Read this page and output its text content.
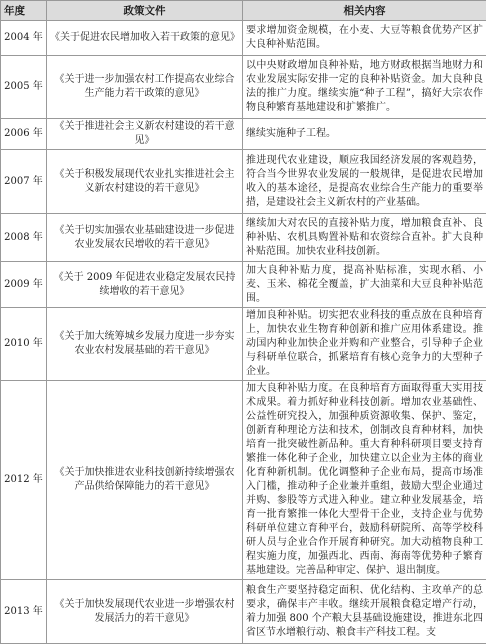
年度	政策文件	相关内容
2004 年	《关于促进农民增加收入若干政策的意见》	要求增加资金规模，在小麦、大豆等粮食优势产区扩大良种补贴范围。
2005 年	《关于进一步加强农村工作提高农业综合生产能力若干政策的意见》	以中央财政增加良种补贴，地方财政根据当地财力和农业发展实际安排一定的良种补贴资金。加大良种良法的推广力度。继续实施“种子工程”，搞好大宗农作物良种繁育基地建设和扩繁推广。
2006 年	《关于推进社会主义新农村建设的若干意见》	继续实施种子工程。
2007 年	《关于积极发展现代农业扎实推进社会主义新农村建设的若干意见》	推进现代农业建设，顺应我国经济发展的客观趋势，符合当今世界农业发展的一般规律，是促进农民增加收入的基本途径，是提高农业综合生产能力的重要举措，是建设社会主义新农村的产业基础。
2008 年	《关于切实加强农业基础建设进一步促进农业发展农民增收的若干意见》	继续加大对农民的直接补贴力度，增加粮食直补、良种补贴、农机具购置补贴和农资综合直补。扩大良种补贴范围。加快农业科技创新。
2009 年	《关于 2009 年促进农业稳定发展农民持续增收的若干意见》	加大良种补贴力度，提高补贴标准，实现水稻、小麦、玉米、棉花全覆盖，扩大油菜和大豆良种补贴范围。
2010 年	《关于加大统筹城乡发展力度进一步夯实农业农村发展基础的若干意见》	增加良种补贴。切实把农业科技的重点放在良种培育上，加快农业生物育种创新和推广应用体系建设。推动国内种业加快企业并购和产业整合，引导种子企业与科研单位联合，抓紧培育有核心竞争力的大型种子企业。
2012 年	《关于加快推进农业科技创新持续增强农产品供给保障能力的若干意见》	加大良种补贴力度。在良种培育方面取得重大实用技术成果。着力抓好种业科技创新。增加农业基础性、公益性研究投入，加强种质资源收集、保护、鉴定，创新育种理论方法和技术，创制改良育种材料，加快培育一批突破性新品种。重大育种科研项目要支持育繁推一体化种子企业，加快建立以企业为主体的商业化育种新机制。优化调整种子企业布局，提高市场准入门槛，推动种子企业兼并重组，鼓励大型企业通过并购、参股等方式进入种业。建立种业发展基金，培育一批育繁推一体化大型骨干企业，支持企业与优势科研单位建立育种平台，鼓励科研院所、高等学校科研人员与企业合作开展育种研究。加大动植物良种工程实施力度，加强西北、西南、海南等优势种子繁育基地建设。完善品种审定、保护、退出制度。
2013 年	《关于加快发展现代农业进一步增强农村发展活力的若干意见》	粮食生产要坚持稳定面积、优化结构、主攻单产的总要求，确保丰产丰收。继续开展粮食稳定增产行动，着力加强 800 个产粮大县基础设施建设，推进东北四省区节水增粮行动、粮食丰产科技工程。支
